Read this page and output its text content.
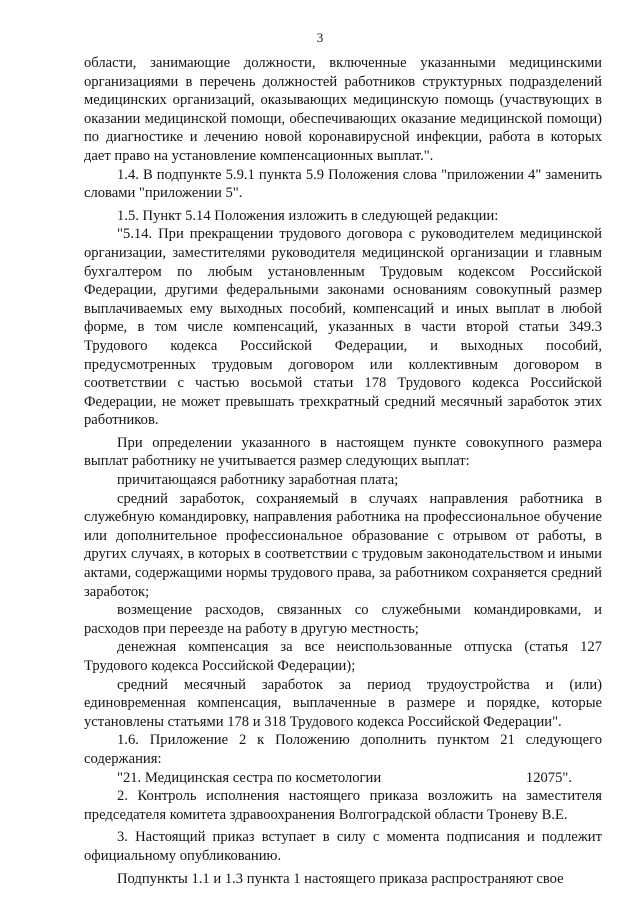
3

области, занимающие должности, включенные указанными медицинскими организациями в перечень должностей работников структурных подразделений медицинских организаций, оказывающих медицинскую помощь (участвующих в оказании медицинской помощи, обеспечивающих оказание медицинской помощи) по диагностике и лечению новой коронавирусной инфекции, работа в которых дает право на установление компенсационных выплат.".

1.4. В подпункте 5.9.1 пункта 5.9 Положения слова "приложении 4" заменить словами "приложении 5".

1.5. Пункт 5.14 Положения изложить в следующей редакции:

"5.14. При прекращении трудового договора с руководителем медицинской организации, заместителями руководителя медицинской организации и главным бухгалтером по любым установленным Трудовым кодексом Российской Федерации, другими федеральными законами основаниям совокупный размер выплачиваемых ему выходных пособий, компенсаций и иных выплат в любой форме, в том числе компенсаций, указанных в части второй статьи 349.3 Трудового кодекса Российской Федерации, и выходных пособий, предусмотренных трудовым договором или коллективным договором в соответствии с частью восьмой статьи 178 Трудового кодекса Российской Федерации, не может превышать трехкратный средний месячный заработок этих работников.

При определении указанного в настоящем пункте совокупного размера выплат работнику не учитывается размер следующих выплат:

причитающаяся работнику заработная плата;

средний заработок, сохраняемый в случаях направления работника в служебную командировку, направления работника на профессиональное обучение или дополнительное профессиональное образование с отрывом от работы, в других случаях, в которых в соответствии с трудовым законодательством и иными актами, содержащими нормы трудового права, за работником сохраняется средний заработок;

возмещение расходов, связанных со служебными командировками, и расходов при переезде на работу в другую местность;

денежная компенсация за все неиспользованные отпуска (статья 127 Трудового кодекса Российской Федерации);

средний месячный заработок за период трудоустройства и (или) единовременная компенсация, выплаченные в размере и порядке, которые установлены статьями 178 и 318 Трудового кодекса Российской Федерации".

1.6. Приложение 2 к Положению дополнить пунктом 21 следующего содержания:

"21. Медицинская сестра по косметологии	12075".

2. Контроль исполнения настоящего приказа возложить на заместителя председателя комитета здравоохранения Волгоградской области Троневу В.Е.

3. Настоящий приказ вступает в силу с момента подписания и подлежит официальному опубликованию.

Подпункты 1.1 и 1.3 пункта 1 настоящего приказа распространяют свое
